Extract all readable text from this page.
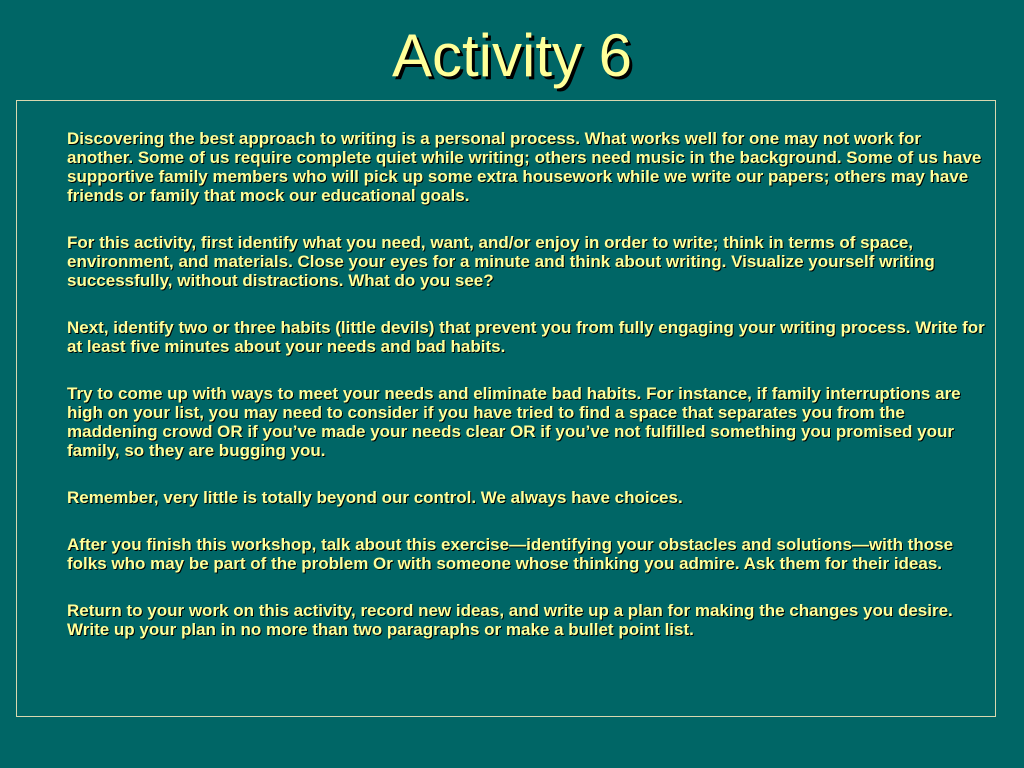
Activity 6

Discovering the best approach to writing is a personal process. What works well for one may not work for another. Some of us require complete quiet while writing; others need music in the background. Some of us have supportive family members who will pick up some extra housework while we write our papers; others may have friends or family that mock our educational goals.

For this activity, first identify what you need, want, and/or enjoy in order to write; think in terms of space, environment, and materials. Close your eyes for a minute and think about writing. Visualize yourself writing successfully, without distractions. What do you see?

Next, identify two or three habits (little devils) that prevent you from fully engaging your writing process. Write for at least five minutes about your needs and bad habits.

Try to come up with ways to meet your needs and eliminate bad habits. For instance, if family interruptions are high on your list, you may need to consider if you have tried to find a space that separates you from the maddening crowd OR if you’ve made your needs clear OR if you’ve not fulfilled something you promised your family, so they are bugging you.

Remember, very little is totally beyond our control. We always have choices.

After you finish this workshop, talk about this exercise—identifying your obstacles and solutions—with those folks who may be part of the problem Or with someone whose thinking you admire. Ask them for their ideas.

Return to your work on this activity, record new ideas, and write up a plan for making the changes you desire. Write up your plan in no more than two paragraphs or make a bullet point list.
